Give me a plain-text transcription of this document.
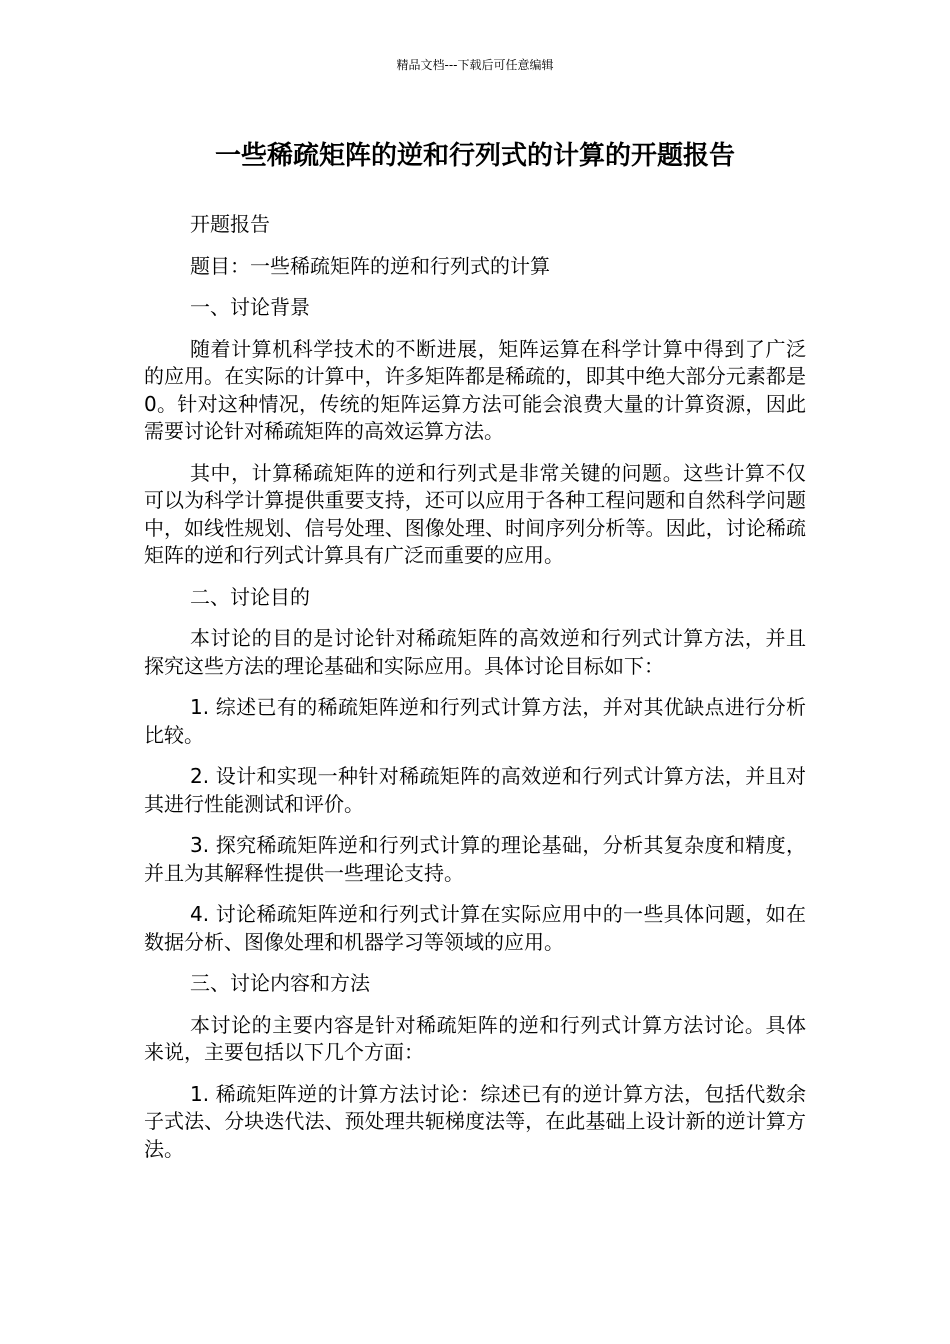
精品文档---下载后可任意编辑
一些稀疏矩阵的逆和行列式的计算的开题报告

开题报告

题目：一些稀疏矩阵的逆和行列式的计算

一、讨论背景

随着计算机科学技术的不断进展，矩阵运算在科学计算中得到了广泛的应用。在实际的计算中，许多矩阵都是稀疏的，即其中绝大部分元素都是 0。针对这种情况，传统的矩阵运算方法可能会浪费大量的计算资源，因此需要讨论针对稀疏矩阵的高效运算方法。

其中，计算稀疏矩阵的逆和行列式是非常关键的问题。这些计算不仅可以为科学计算提供重要支持，还可以应用于各种工程问题和自然科学问题中，如线性规划、信号处理、图像处理、时间序列分析等。因此，讨论稀疏矩阵的逆和行列式计算具有广泛而重要的应用。

二、讨论目的

本讨论的目的是讨论针对稀疏矩阵的高效逆和行列式计算方法，并且探究这些方法的理论基础和实际应用。具体讨论目标如下：

1. 综述已有的稀疏矩阵逆和行列式计算方法，并对其优缺点进行分析比较。

2. 设计和实现一种针对稀疏矩阵的高效逆和行列式计算方法，并且对其进行性能测试和评价。

3. 探究稀疏矩阵逆和行列式计算的理论基础，分析其复杂度和精度，并且为其解释性提供一些理论支持。

4. 讨论稀疏矩阵逆和行列式计算在实际应用中的一些具体问题，如在数据分析、图像处理和机器学习等领域的应用。

三、讨论内容和方法

本讨论的主要内容是针对稀疏矩阵的逆和行列式计算方法讨论。具体来说，主要包括以下几个方面：

1. 稀疏矩阵逆的计算方法讨论：综述已有的逆计算方法，包括代数余子式法、分块迭代法、预处理共轭梯度法等，在此基础上设计新的逆计算方法。
